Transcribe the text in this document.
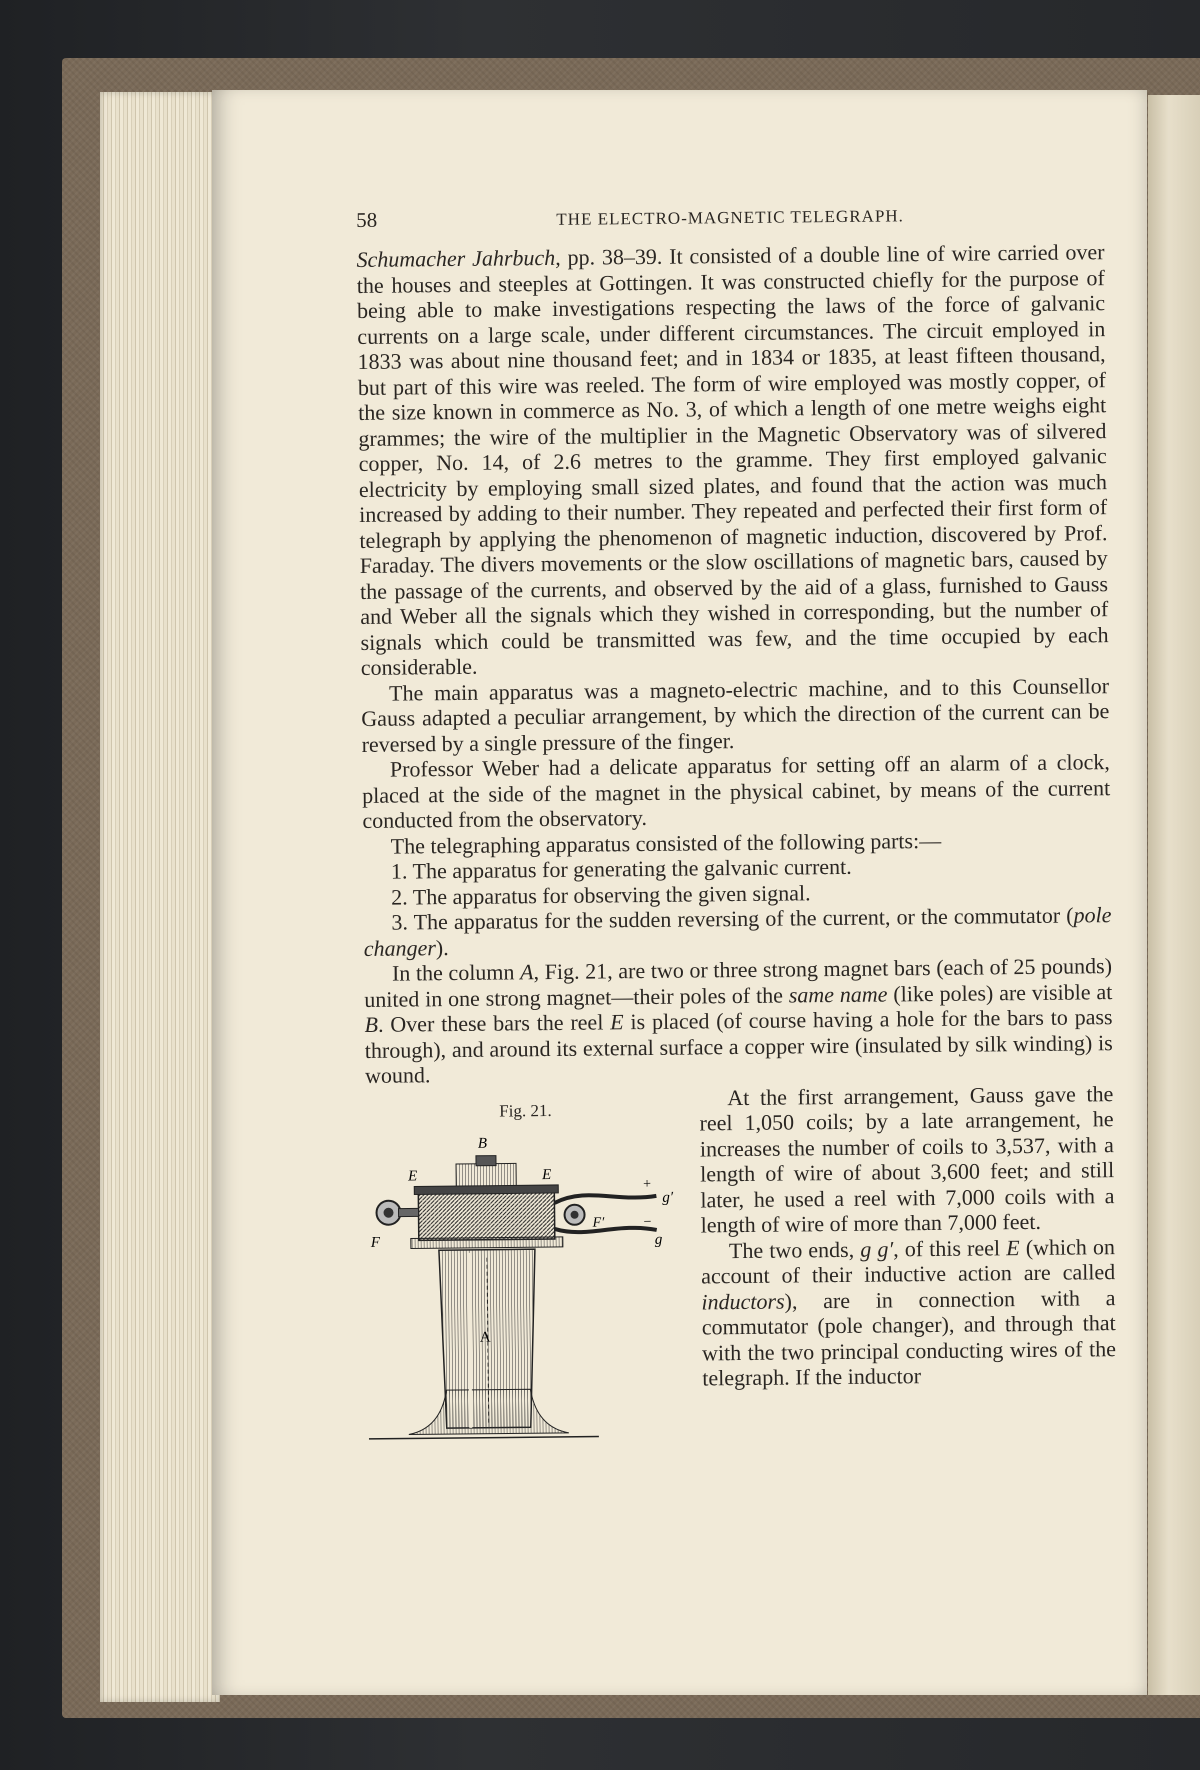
58	THE ELECTRO-MAGNETIC TELEGRAPH.

Schumacher Jahrbuch, pp. 38–39. It consisted of a double line of wire carried over the houses and steeples at Gottingen. It was constructed chiefly for the purpose of being able to make investigations respecting the laws of the force of galvanic currents on a large scale, under different circumstances. The circuit employed in 1833 was about nine thousand feet; and in 1834 or 1835, at least fifteen thousand, but part of this wire was reeled. The form of wire employed was mostly copper, of the size known in commerce as No. 3, of which a length of one metre weighs eight grammes; the wire of the multiplier in the Magnetic Observatory was of silvered copper, No. 14, of 2.6 metres to the gramme. They first employed galvanic electricity by employing small sized plates, and found that the action was much increased by adding to their number. They repeated and perfected their first form of telegraph by applying the phenomenon of magnetic induction, discovered by Prof. Faraday. The divers movements or the slow oscillations of magnetic bars, caused by the passage of the currents, and observed by the aid of a glass, furnished to Gauss and Weber all the signals which they wished in corresponding, but the number of signals which could be transmitted was few, and the time occupied by each considerable.

The main apparatus was a magneto-electric machine, and to this Counsellor Gauss adapted a peculiar arrangement, by which the direction of the current can be reversed by a single pressure of the finger.

Professor Weber had a delicate apparatus for setting off an alarm of a clock, placed at the side of the magnet in the physical cabinet, by means of the current conducted from the observatory.

The telegraphing apparatus consisted of the following parts:—

1. The apparatus for generating the galvanic current.

2. The apparatus for observing the given signal.

3. The apparatus for the sudden reversing of the current, or the commutator (pole changer).

In the column A, Fig. 21, are two or three strong magnet bars (each of 25 pounds) united in one strong magnet—their poles of the same name (like poles) are visible at B. Over these bars the reel E is placed (of course having a hole for the bars to pass through), and around its external surface a copper wire (insulated by silk winding) is wound.

Fig. 21.
B
E	E
F
F′
+
g′
−
g
A

At the first arrangement, Gauss gave the reel 1,050 coils; by a late arrangement, he increases the number of coils to 3,537, with a length of wire of about 3,600 feet; and still later, he used a reel with 7,000 coils with a length of wire of more than 7,000 feet.

The two ends, g g′, of this reel E (which on account of their inductive action are called inductors), are in connection with a commutator (pole changer), and through that with the two principal conducting wires of the telegraph. If the inductor
